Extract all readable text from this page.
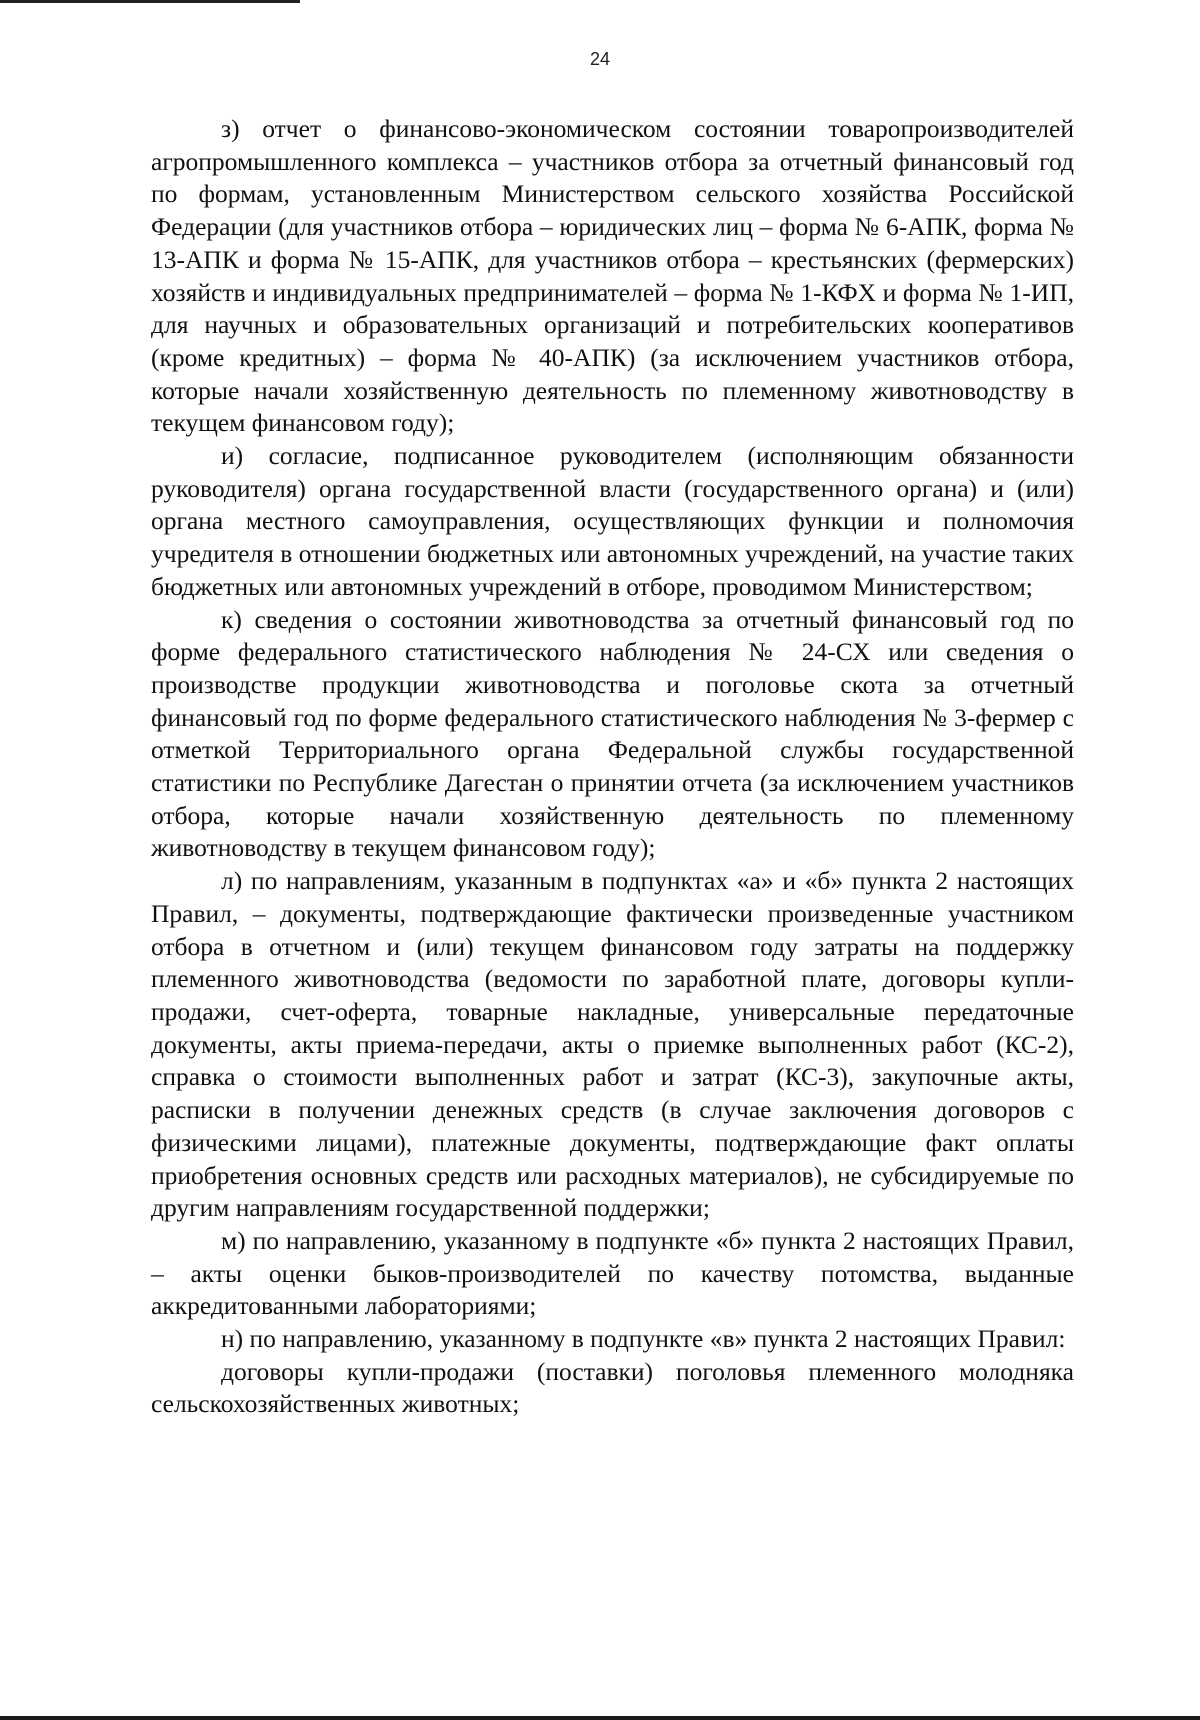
24

з) отчет о финансово-экономическом состоянии товаропроизводителей агропромышленного комплекса – участников отбора за отчетный финансовый год по формам, установленным Министерством сельского хозяйства Российской Федерации (для участников отбора – юридических лиц – форма № 6-АПК, форма № 13-АПК и форма № 15-АПК, для участников отбора – крестьянских (фермерских) хозяйств и индивидуальных предпринимателей – форма № 1-КФХ и форма № 1-ИП, для научных и образовательных организаций и потребительских кооперативов (кроме кредитных) – форма № 40-АПК) (за исключением участников отбора, которые начали хозяйственную деятельность по племенному животноводству в текущем финансовом году);

и) согласие, подписанное руководителем (исполняющим обязанности руководителя) органа государственной власти (государственного органа) и (или) органа местного самоуправления, осуществляющих функции и полномочия учредителя в отношении бюджетных или автономных учреждений, на участие таких бюджетных или автономных учреждений в отборе, проводимом Министерством;

к) сведения о состоянии животноводства за отчетный финансовый год по форме федерального статистического наблюдения № 24-СХ или сведения о производстве продукции животноводства и поголовье скота за отчетный финансовый год по форме федерального статистического наблюдения № 3-фермер с отметкой Территориального органа Федеральной службы государственной статистики по Республике Дагестан о принятии отчета (за исключением участников отбора, которые начали хозяйственную деятельность по племенному животноводству в текущем финансовом году);

л) по направлениям, указанным в подпунктах «а» и «б» пункта 2 настоящих Правил, – документы, подтверждающие фактически произведенные участником отбора в отчетном и (или) текущем финансовом году затраты на поддержку племенного животноводства (ведомости по заработной плате, договоры купли-продажи, счет-оферта, товарные накладные, универсальные передаточные документы, акты приема-передачи, акты о приемке выполненных работ (КС-2), справка о стоимости выполненных работ и затрат (КС-3), закупочные акты, расписки в получении денежных средств (в случае заключения договоров с физическими лицами), платежные документы, подтверждающие факт оплаты приобретения основных средств или расходных материалов), не субсидируемые по другим направлениям государственной поддержки;

м) по направлению, указанному в подпункте «б» пункта 2 настоящих Правил, – акты оценки быков-производителей по качеству потомства, выданные аккредитованными лабораториями;

н) по направлению, указанному в подпункте «в» пункта 2 настоящих Правил:

договоры купли-продажи (поставки) поголовья племенного молодняка сельскохозяйственных животных;
